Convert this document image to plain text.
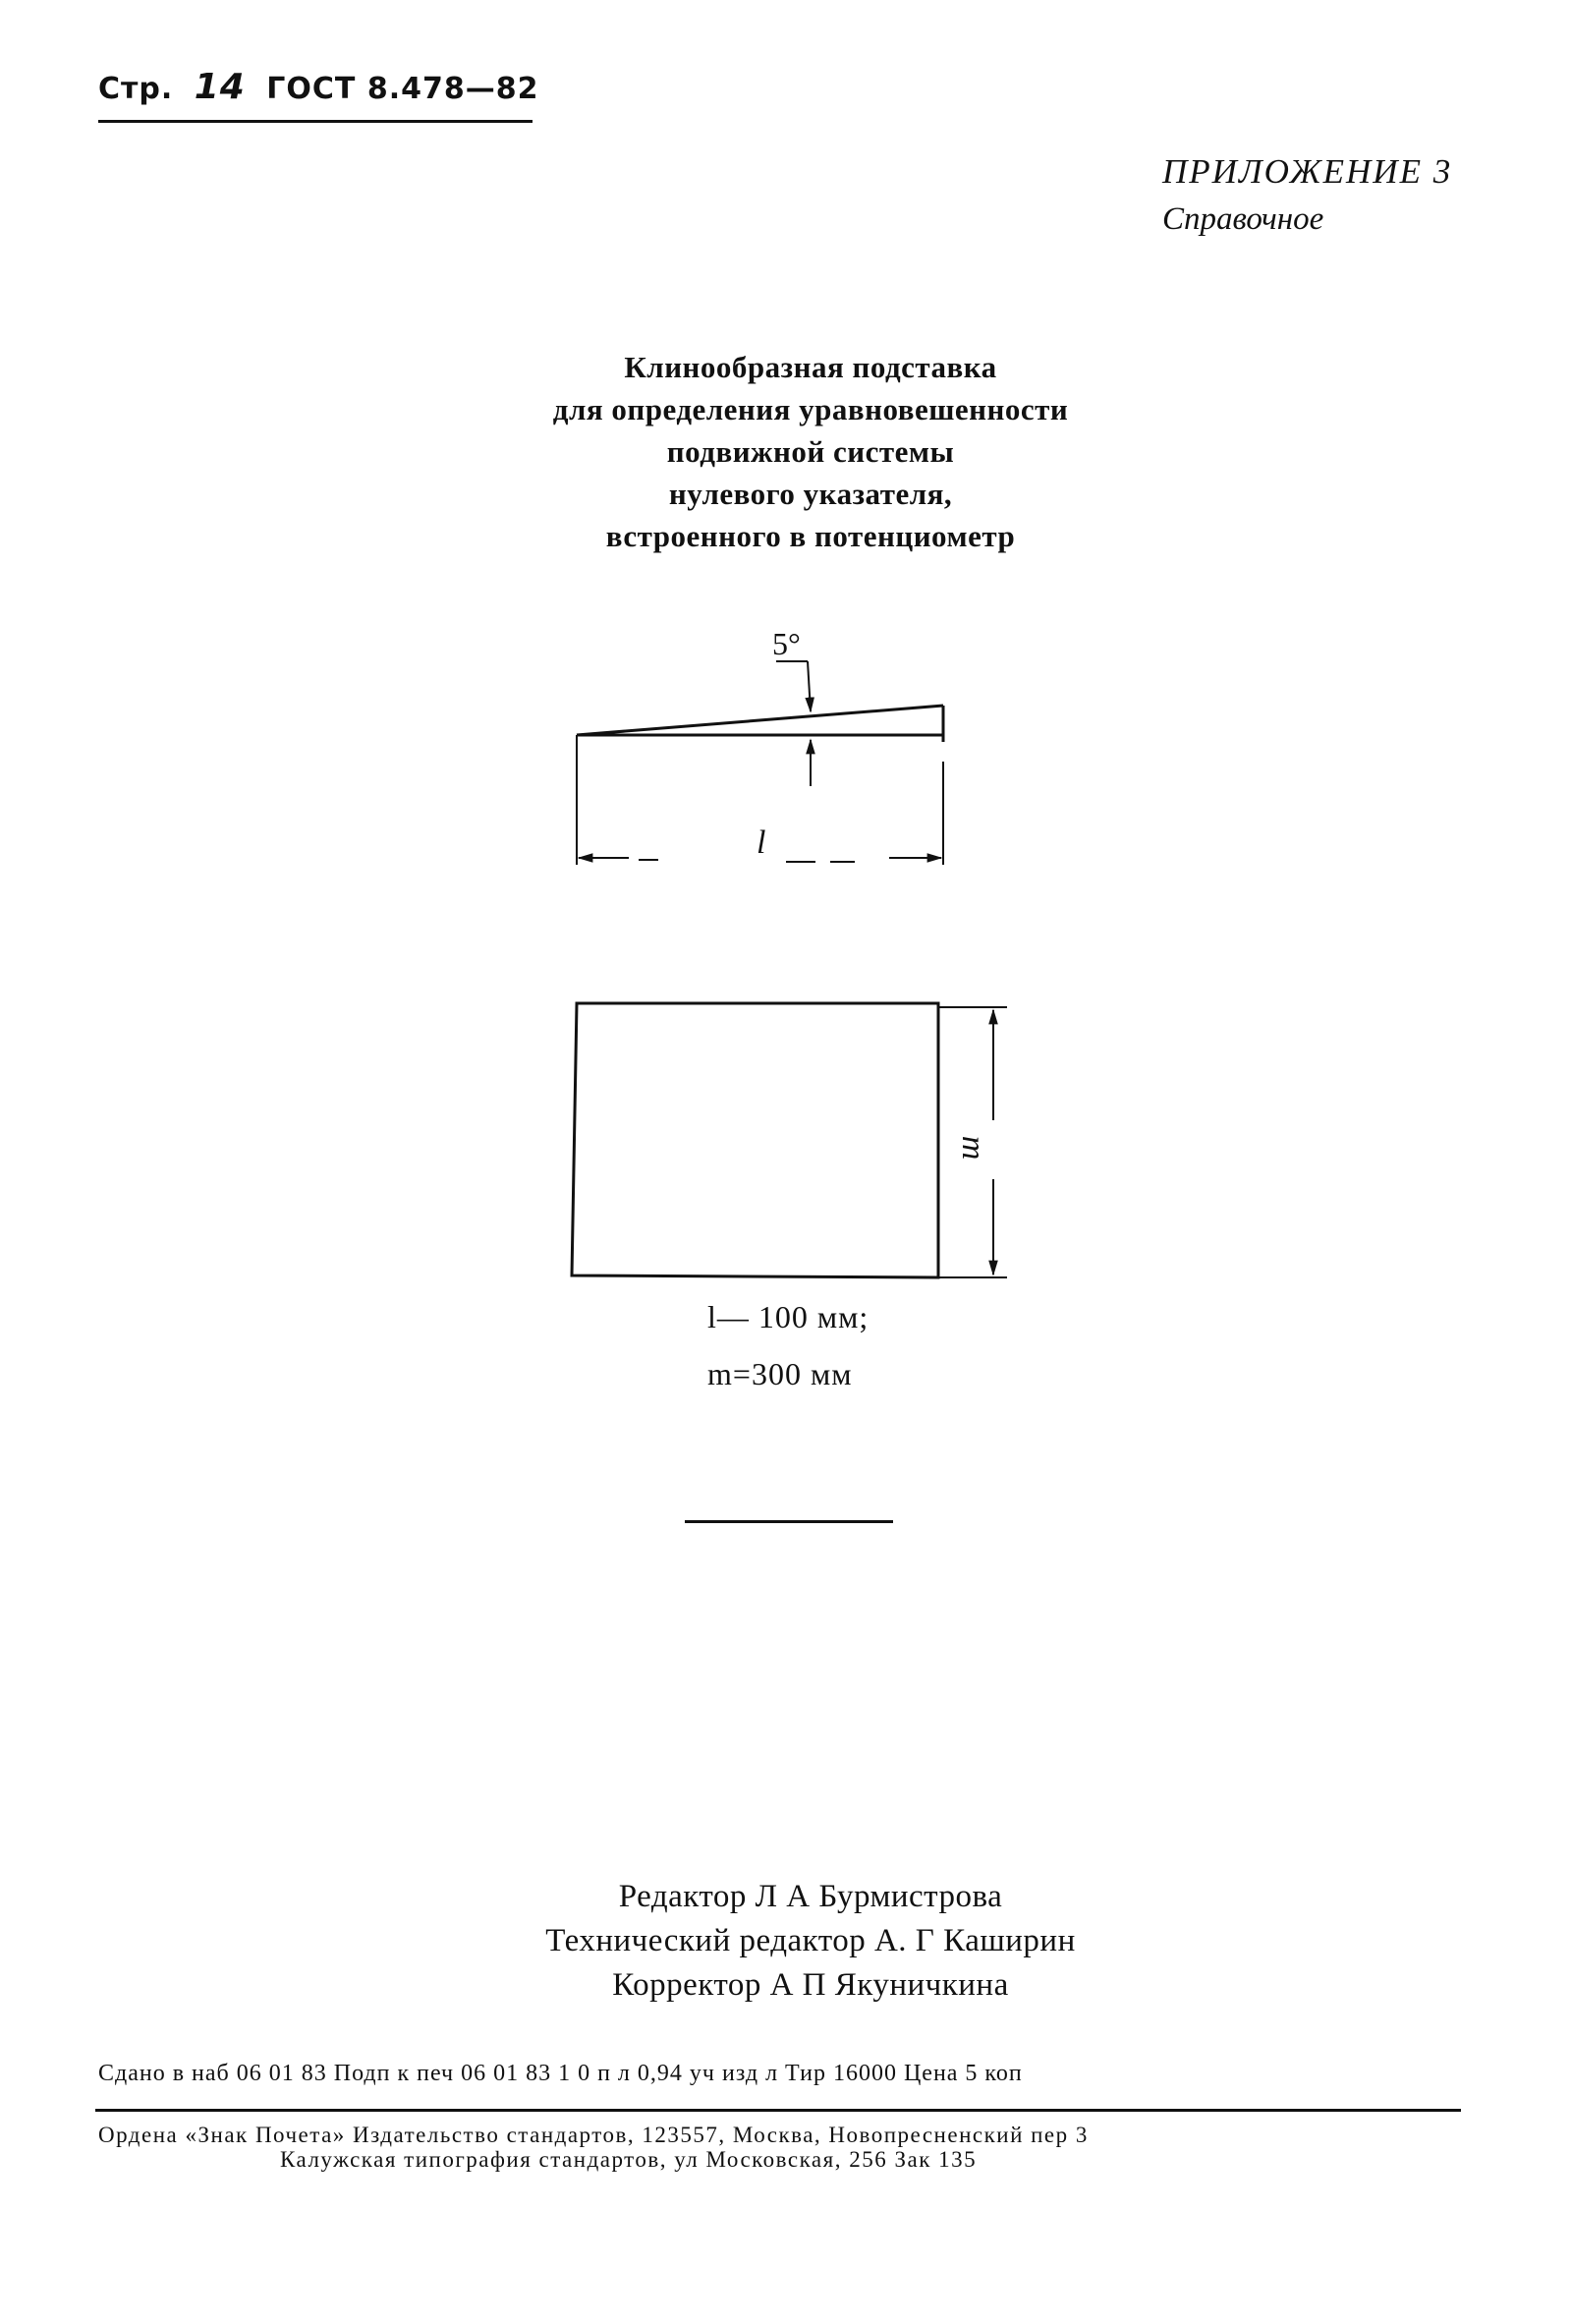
Стр. 14 ГОСТ 8.478—82
ПРИЛОЖЕНИЕ 3
Справочное
Клинообразная подставка
для определения уравновешенности
подвижной системы
нулевого указателя,
встроенного в потенциометр
5°
l
m
l— 100 мм;
m=300 мм
Редактор Л А Бурмистрова
Технический редактор А. Г Каширин
Корректор А П Якуничкина
Сдано в наб 06 01 83 Подп к печ 06 01 83 1 0 п л 0,94 уч изд л Тир 16000 Цена 5 коп
Ордена «Знак Почета» Издательство стандартов, 123557, Москва, Новопресненский пер 3
Калужская типография стандартов, ул Московская, 256 Зак 135
